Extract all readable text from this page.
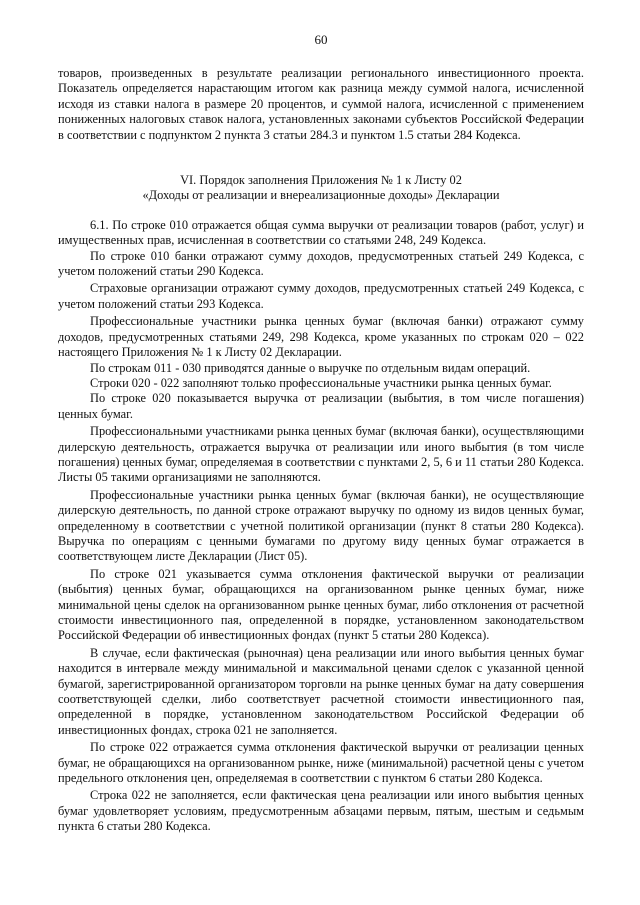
60

товаров, произведенных в результате реализации регионального инвестиционного проекта. Показатель определяется нарастающим итогом как разница между суммой налога, исчисленной исходя из ставки налога в размере 20 процентов, и суммой налога, исчисленной с применением пониженных налоговых ставок налога, установленных законами субъектов Российской Федерации в соответствии с подпунктом 2 пункта 3 статьи 284.3 и пунктом 1.5 статьи 284 Кодекса.

VI. Порядок заполнения Приложения № 1 к Листу 02
«Доходы от реализации и внереализационные доходы» Декларации

6.1. По строке 010 отражается общая сумма выручки от реализации товаров (работ, услуг) и имущественных прав, исчисленная в соответствии со статьями 248, 249 Кодекса.

По строке 010 банки отражают сумму доходов, предусмотренных статьей 249 Кодекса, с учетом положений статьи 290 Кодекса.

Страховые организации отражают сумму доходов, предусмотренных статьей 249 Кодекса, с учетом положений статьи 293 Кодекса.

Профессиональные участники рынка ценных бумаг (включая банки) отражают сумму доходов, предусмотренных статьями 249, 298 Кодекса, кроме указанных по строкам 020 – 022 настоящего Приложения № 1 к Листу 02 Декларации.

По строкам 011 - 030 приводятся данные о выручке по отдельным видам операций.

Строки 020 - 022 заполняют только профессиональные участники рынка ценных бумаг.

По строке 020 показывается выручка от реализации (выбытия, в том числе погашения) ценных бумаг.

Профессиональными участниками рынка ценных бумаг (включая банки), осуществляющими дилерскую деятельность, отражается выручка от реализации или иного выбытия (в том числе погашения) ценных бумаг, определяемая в соответствии с пунктами 2, 5, 6 и 11 статьи 280 Кодекса. Листы 05 такими организациями не заполняются.

Профессиональные участники рынка ценных бумаг (включая банки), не осуществляющие дилерскую деятельность, по данной строке отражают выручку по одному из видов ценных бумаг, определенному в соответствии с учетной политикой организации (пункт 8 статьи 280 Кодекса). Выручка по операциям с ценными бумагами по другому виду ценных бумаг отражается в соответствующем листе Декларации (Лист 05).

По строке 021 указывается сумма отклонения фактической выручки от реализации (выбытия) ценных бумаг, обращающихся на организованном рынке ценных бумаг, ниже минимальной цены сделок на организованном рынке ценных бумаг, либо отклонения от расчетной стоимости инвестиционного пая, определенной в порядке, установленном законодательством Российской Федерации об инвестиционных фондах (пункт 5 статьи 280 Кодекса).

В случае, если фактическая (рыночная) цена реализации или иного выбытия ценных бумаг находится в интервале между минимальной и максимальной ценами сделок с указанной ценной бумагой, зарегистрированной организатором торговли на рынке ценных бумаг на дату совершения соответствующей сделки, либо соответствует расчетной стоимости инвестиционного пая, определенной в порядке, установленном законодательством Российской Федерации об инвестиционных фондах, строка 021 не заполняется.

По строке 022 отражается сумма отклонения фактической выручки от реализации ценных бумаг, не обращающихся на организованном рынке, ниже (минимальной) расчетной цены с учетом предельного отклонения цен, определяемая в соответствии с пунктом 6 статьи 280 Кодекса.

Строка 022 не заполняется, если фактическая цена реализации или иного выбытия ценных бумаг удовлетворяет условиям, предусмотренным абзацами первым, пятым, шестым и седьмым пункта 6 статьи 280 Кодекса.
